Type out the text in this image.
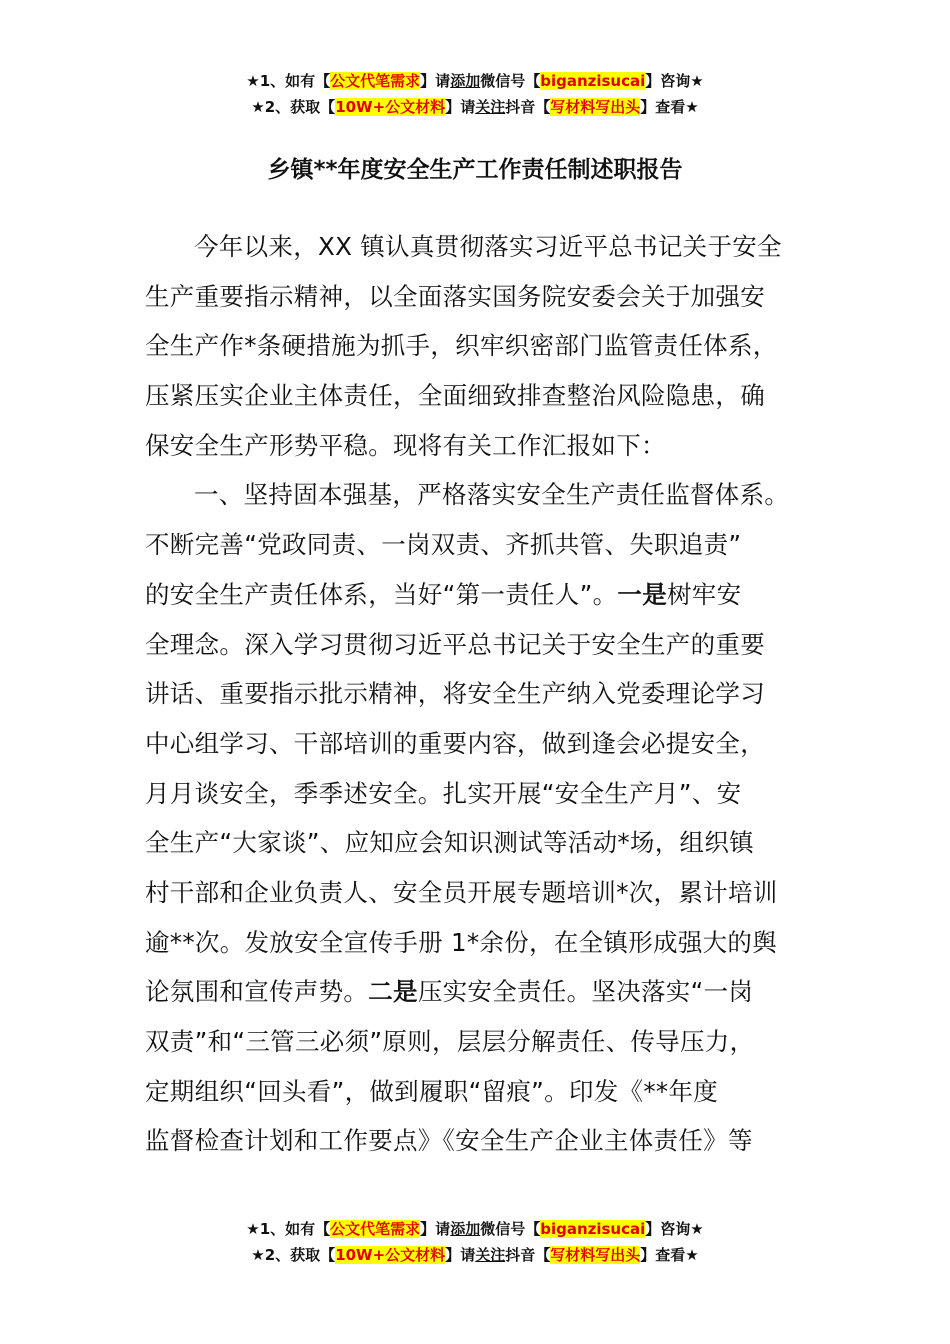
★1、如有【公文代笔需求】请添加微信号【biganzisucai】咨询★
★2、获取【10W+公文材料】请关注抖音【写材料写出头】查看★
乡镇**年度安全生产工作责任制述职报告
今年以来，XX 镇认真贯彻落实习近平总书记关于安全
生产重要指示精神，以全面落实国务院安委会关于加强安
全生产作*条硬措施为抓手，织牢织密部门监管责任体系，
压紧压实企业主体责任，全面细致排查整治风险隐患，确
保安全生产形势平稳。现将有关工作汇报如下：
一、坚持固本强基，严格落实安全生产责任监督体系。
不断完善“党政同责、一岗双责、齐抓共管、失职追责”
的安全生产责任体系，当好“第一责任人”。一是树牢安
全理念。深入学习贯彻习近平总书记关于安全生产的重要
讲话、重要指示批示精神，将安全生产纳入党委理论学习
中心组学习、干部培训的重要内容，做到逢会必提安全，
月月谈安全，季季述安全。扎实开展“安全生产月”、安
全生产“大家谈”、应知应会知识测试等活动*场，组织镇
村干部和企业负责人、安全员开展专题培训*次，累计培训
逾**次。发放安全宣传手册 1*余份，在全镇形成强大的舆
论氛围和宣传声势。二是压实安全责任。坚决落实“一岗
双责”和“三管三必须”原则，层层分解责任、传导压力，
定期组织“回头看”，做到履职“留痕”。印发《**年度
监督检查计划和工作要点》《安全生产企业主体责任》等
★1、如有【公文代笔需求】请添加微信号【biganzisucai】咨询★
★2、获取【10W+公文材料】请关注抖音【写材料写出头】查看★
